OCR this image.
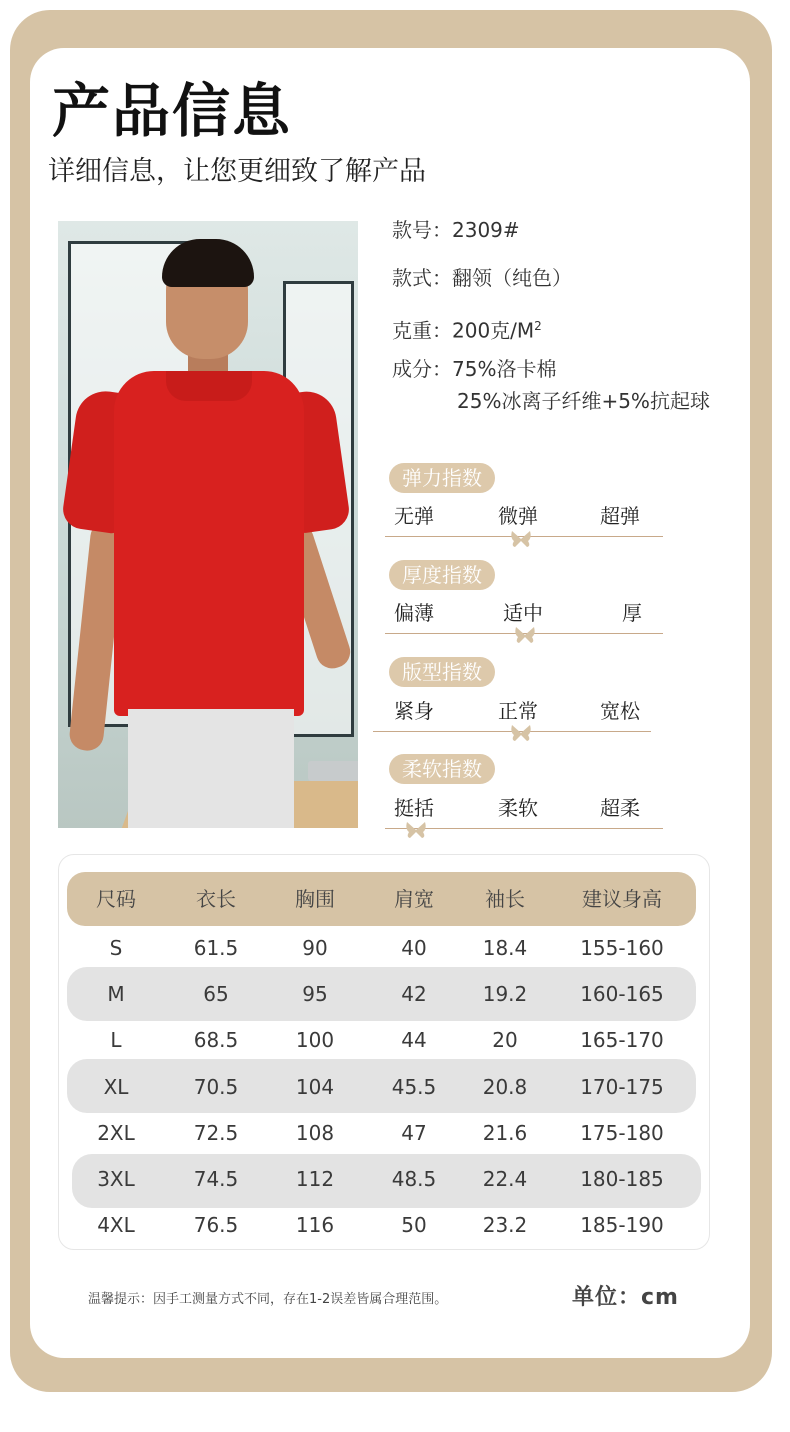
产品信息

详细信息，让您更细致了解产品

款号：2309#
款式：翻领（纯色）
克重：200克$/M^2$
成分：75%洛卡棉
25%冰离子纤维+5%抗起球
弹力指数
无弹	微弹	超弹
厚度指数
偏薄	适中	厚
版型指数
紧身	正常	宽松
柔软指数
挺括	柔软	超柔
尺码	衣长	胸围	肩宽	袖长	建议身高
S	61.5	90	40	18.4	155-160
M	65	95	42	19.2	160-165
L	68.5	100	44	20	165-170
XL	70.5	104	45.5	20.8	170-175
2XL	72.5	108	47	21.6	175-180
3XL	74.5	112	48.5	22.4	180-185
4XL	76.5	116	50	23.2	185-190
温馨提示：因手工测量方式不同，存在1-2误差皆属合理范围。	单位：cm
